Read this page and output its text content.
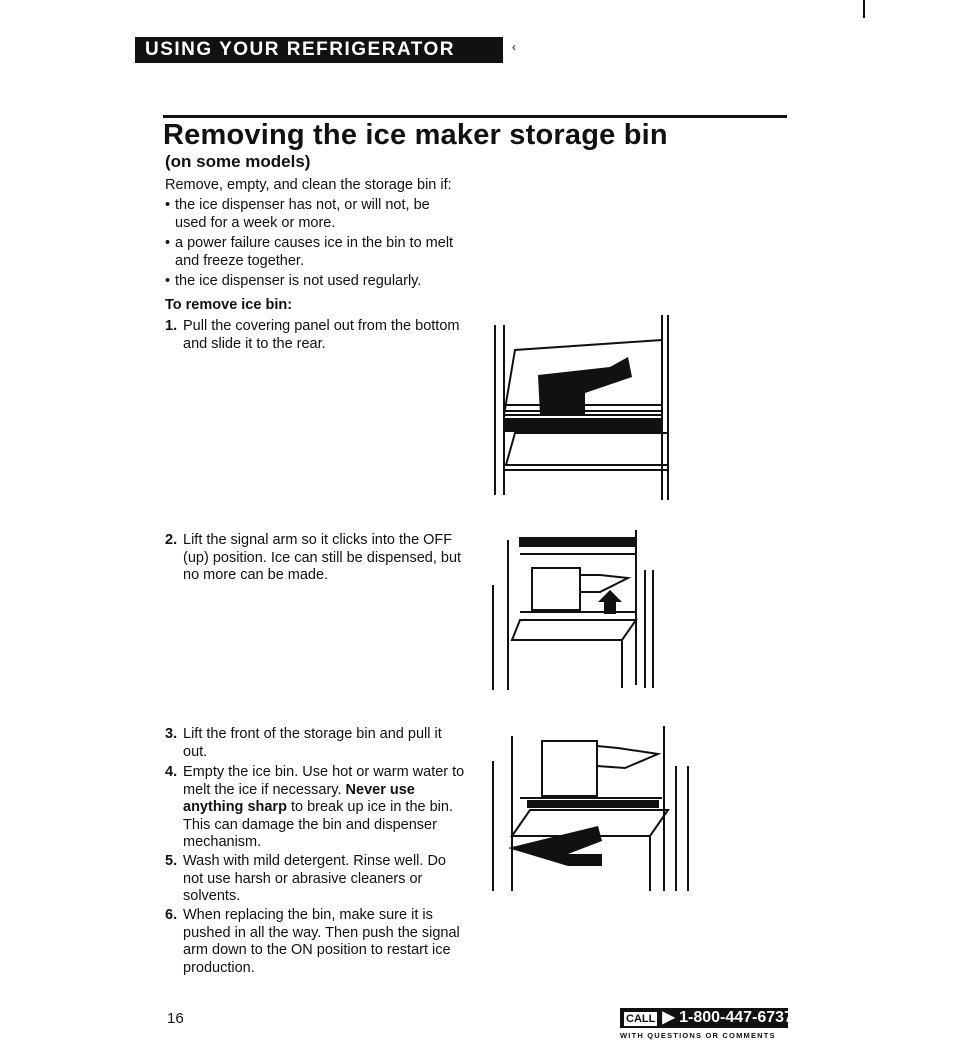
USING YOUR REFRIGERATOR	‹
Removing the ice maker storage bin
(on some models)
Remove, empty, and clean the storage bin if:
• the ice dispenser has not, or will not, be used for a week or more.
• a power failure causes ice in the bin to melt and freeze together.
• the ice dispenser is not used regularly.
To remove ice bin:
1. Pull the covering panel out from the bottom and slide it to the rear.
2. Lift the signal arm so it clicks into the OFF (up) position. Ice can still be dispensed, but no more can be made.
3. Lift the front of the storage bin and pull it out.
4. Empty the ice bin. Use hot or warm water to melt the ice if necessary. Never use anything sharp to break up ice in the bin. This can damage the bin and dispenser mechanism.
5. Wash with mild detergent. Rinse well. Do not use harsh or abrasive cleaners or solvents.
6. When replacing the bin, make sure it is pushed in all the way. Then push the signal arm down to the ON position to restart ice production.
16	CALL ▶ 1-800-447-6737
WITH QUESTIONS OR COMMENTS
